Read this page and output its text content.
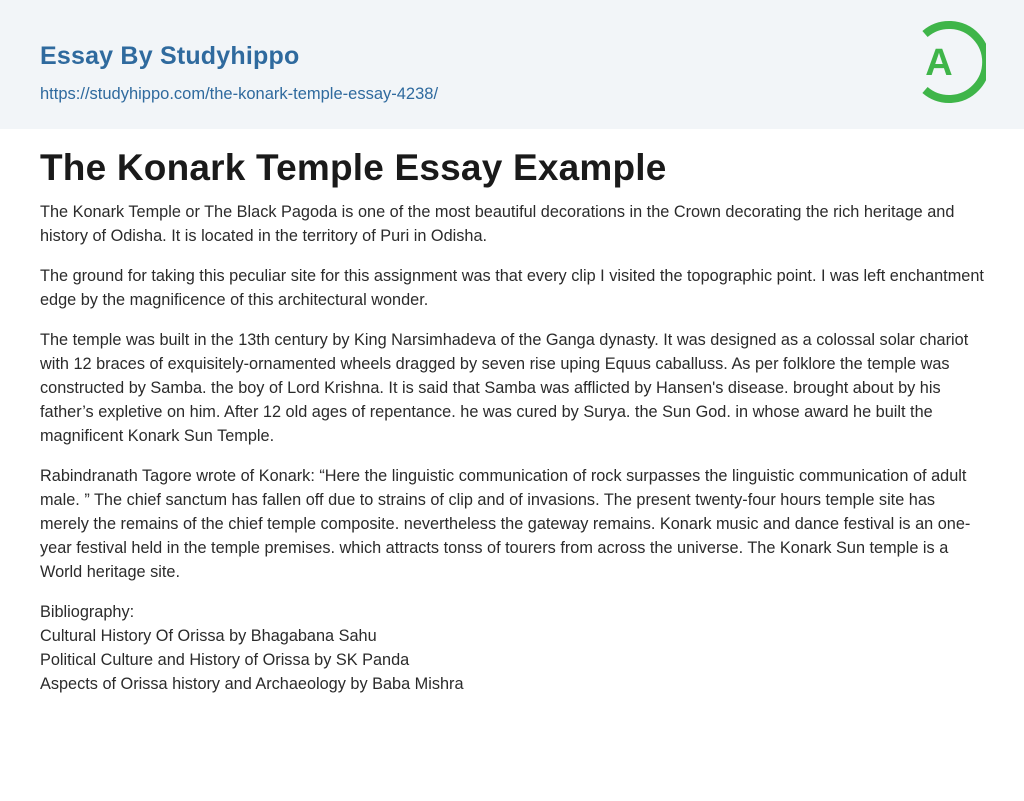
Essay By Studyhippo
https://studyhippo.com/the-konark-temple-essay-4238/
A
The Konark Temple Essay Example

The Konark Temple or The Black Pagoda is one of the most beautiful decorations in the Crown decorating the rich heritage and history of Odisha. It is located in the territory of Puri in Odisha.

The ground for taking this peculiar site for this assignment was that every clip I visited the topographic point. I was left enchantment edge by the magnificence of this architectural wonder.

The temple was built in the 13th century by King Narsimhadeva of the Ganga dynasty. It was designed as a colossal solar chariot with 12 braces of exquisitely-ornamented wheels dragged by seven rise uping Equus caballuss. As per folklore the temple was constructed by Samba. the boy of Lord Krishna. It is said that Samba was afflicted by Hansen's disease. brought about by his father’s expletive on him. After 12 old ages of repentance. he was cured by Surya. the Sun God. in whose award he built the magnificent Konark Sun Temple.

Rabindranath Tagore wrote of Konark: “Here the linguistic communication of rock surpasses the linguistic communication of adult male. ” The chief sanctum has fallen off due to strains of clip and of invasions. The present twenty-four hours temple site has merely the remains of the chief temple composite. nevertheless the gateway remains. Konark music and dance festival is an one-year festival held in the temple premises. which attracts tonss of tourers from across the universe. The Konark Sun temple is a World heritage site.

Bibliography:
Cultural History Of Orissa by Bhagabana Sahu
Political Culture and History of Orissa by SK Panda
Aspects of Orissa history and Archaeology by Baba Mishra
